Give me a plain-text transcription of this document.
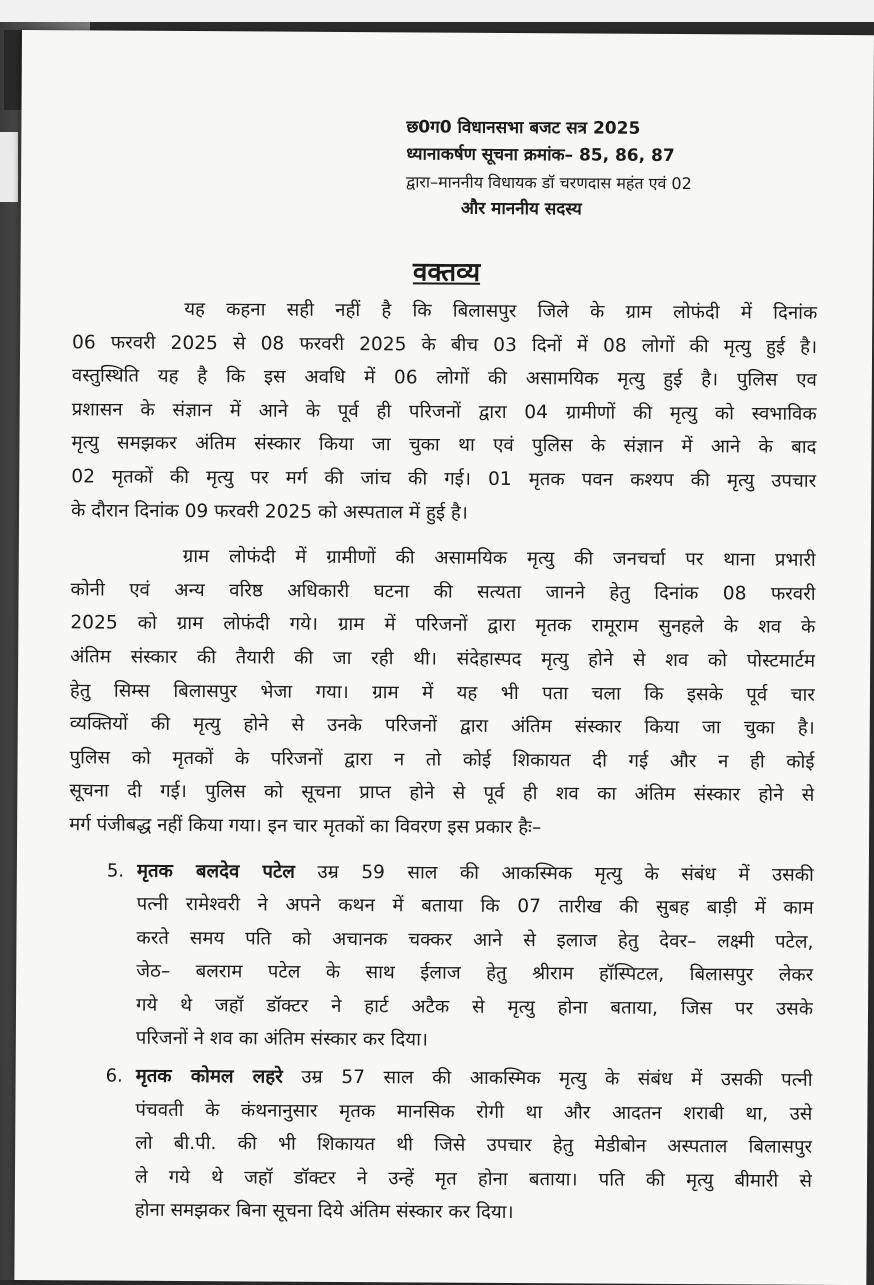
छ0ग0 विधानसभा बजट सत्र 2025
ध्यानाकर्षण सूचना क्रमांक– 85, 86, 87
द्वारा–माननीय विधायक डॉ चरणदास महंत एवं 02
और माननीय सदस्य
वक्तव्य
यह कहना सही नहीं है कि बिलासपुर जिले के ग्राम लोफंदी में दिनांक
06 फरवरी 2025 से 08 फरवरी 2025 के बीच 03 दिनों में 08 लोगों की मृत्यु हुई है।
वस्तुस्थिति यह है कि इस अवधि में 06 लोगों की असामयिक मृत्यु हुई है। पुलिस एव
प्रशासन के संज्ञान में आने के पूर्व ही परिजनों द्वारा 04 ग्रामीणों की मृत्यु को स्वभाविक
मृत्यु समझकर अंतिम संस्कार किया जा चुका था एवं पुलिस के संज्ञान में आने के बाद
02 मृतकों की मृत्यु पर मर्ग की जांच की गई। 01 मृतक पवन कश्यप की मृत्यु उपचार
के दौरान दिनांक 09 फरवरी 2025 को अस्पताल में हुई है।
ग्राम लोफंदी में ग्रामीणों की असामयिक मृत्यु की जनचर्चा पर थाना प्रभारी
कोनी एवं अन्य वरिष्ठ अधिकारी घटना की सत्यता जानने हेतु दिनांक 08 फरवरी
2025 को ग्राम लोफंदी गये। ग्राम में परिजनों द्वारा मृतक रामूराम सुनहले के शव के
अंतिम संस्कार की तैयारी की जा रही थी। संदेहास्पद मृत्यु होने से शव को पोस्टमार्टम
हेतु सिम्स बिलासपुर भेजा गया। ग्राम में यह भी पता चला कि इसके पूर्व चार
व्यक्तियों की मृत्यु होने से उनके परिजनों द्वारा अंतिम संस्कार किया जा चुका है।
पुलिस को मृतकों के परिजनों द्वारा न तो कोई शिकायत दी गई और न ही कोई
सूचना दी गई। पुलिस को सूचना प्राप्त होने से पूर्व ही शव का अंतिम संस्कार होने से
मर्ग पंजीबद्ध नहीं किया गया। इन चार मृतकों का विवरण इस प्रकार हैः–
5. मृतक बलदेव पटेल उम्र 59 साल की आकस्मिक मृत्यु के संबंध में उसकी
पत्नी रामेश्वरी ने अपने कथन में बताया कि 07 तारीख की सुबह बाड़ी में काम
करते समय पति को अचानक चक्कर आने से इलाज हेतु देवर– लक्ष्मी पटेल,
जेठ– बलराम पटेल के साथ ईलाज हेतु श्रीराम हॉस्पिटल, बिलासपुर लेकर
गये थे जहॉ डॉक्टर ने हार्ट अटैक से मृत्यु होना बताया, जिस पर उसके
परिजनों ने शव का अंतिम संस्कार कर दिया।
6. मृतक कोमल लहरे उम्र 57 साल की आकस्मिक मृत्यु के संबंध में उसकी पत्नी
पंचवती के कंथनानुसार मृतक मानसिक रोगी था और आदतन शराबी था, उसे
लो बी.पी. की भी शिकायत थी जिसे उपचार हेतु मेडीबोन अस्पताल बिलासपुर
ले गये थे जहॉ डॉक्टर ने उन्हें मृत होना बताया। पति की मृत्यु बीमारी से
होना समझकर बिना सूचना दिये अंतिम संस्कार कर दिया।
